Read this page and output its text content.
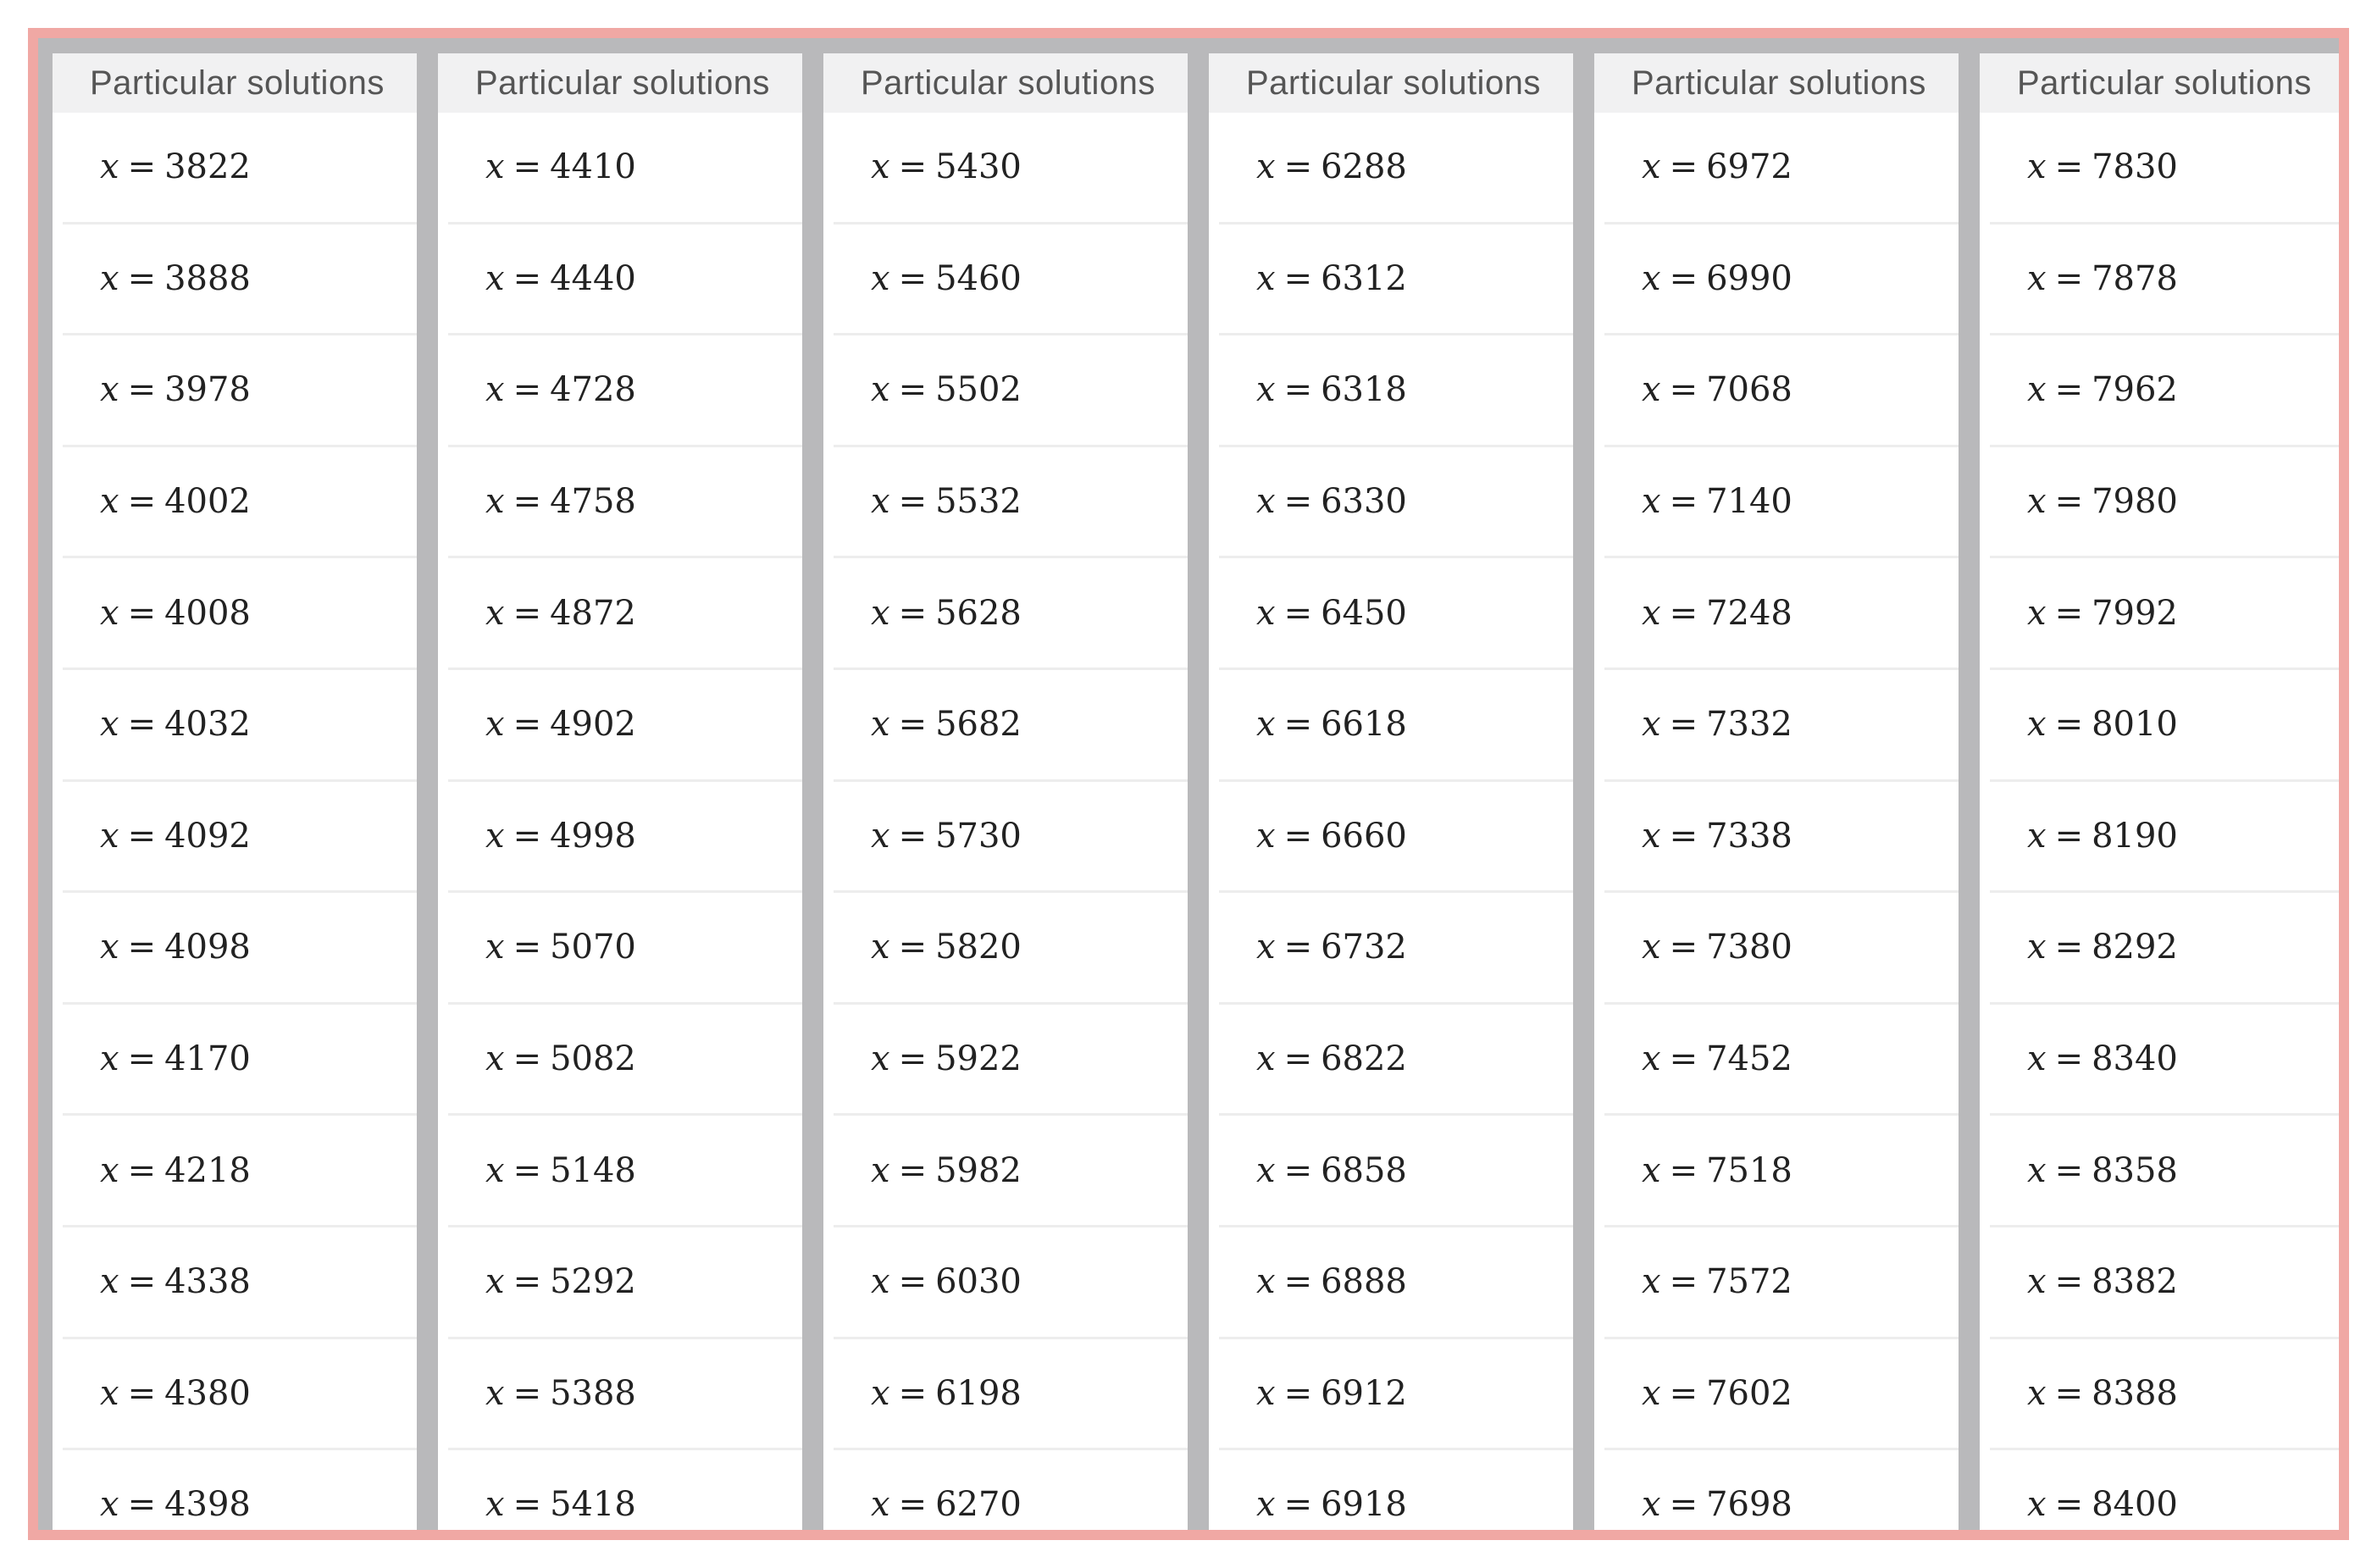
Particular solutions
x = 3822
x = 3888
x = 3978
x = 4002
x = 4008
x = 4032
x = 4092
x = 4098
x = 4170
x = 4218
x = 4338
x = 4380
x = 4398
Particular solutions
x = 4410
x = 4440
x = 4728
x = 4758
x = 4872
x = 4902
x = 4998
x = 5070
x = 5082
x = 5148
x = 5292
x = 5388
x = 5418
Particular solutions
x = 5430
x = 5460
x = 5502
x = 5532
x = 5628
x = 5682
x = 5730
x = 5820
x = 5922
x = 5982
x = 6030
x = 6198
x = 6270
Particular solutions
x = 6288
x = 6312
x = 6318
x = 6330
x = 6450
x = 6618
x = 6660
x = 6732
x = 6822
x = 6858
x = 6888
x = 6912
x = 6918
Particular solutions
x = 6972
x = 6990
x = 7068
x = 7140
x = 7248
x = 7332
x = 7338
x = 7380
x = 7452
x = 7518
x = 7572
x = 7602
x = 7698
Particular solutions
x = 7830
x = 7878
x = 7962
x = 7980
x = 7992
x = 8010
x = 8190
x = 8292
x = 8340
x = 8358
x = 8382
x = 8388
x = 8400
